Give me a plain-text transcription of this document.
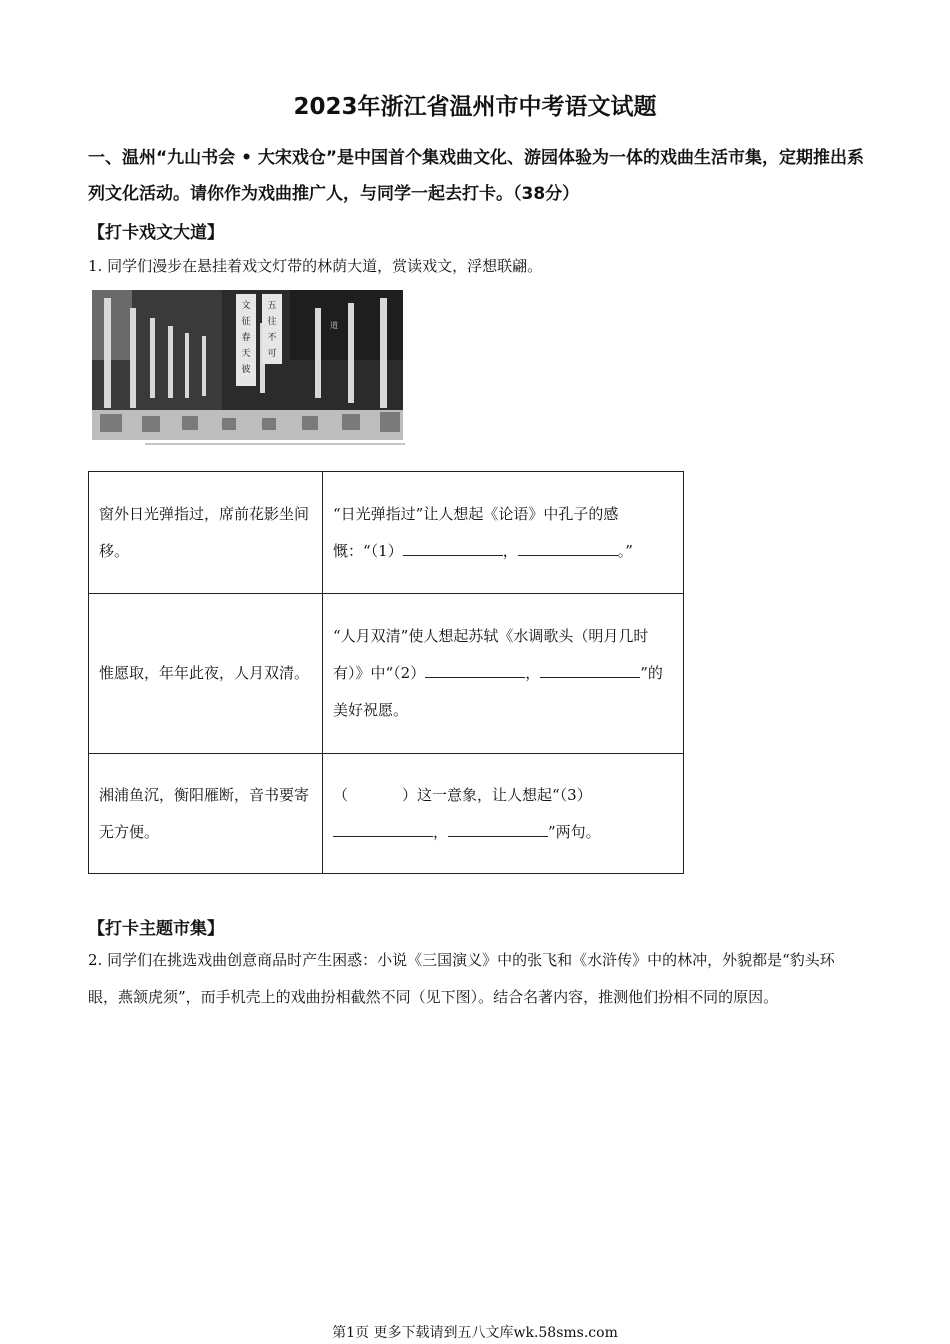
2023年浙江省温州市中考语文试题
一、温州“九山书会 • 大宋戏仓”是中国首个集戏曲文化、游园体验为一体的戏曲生活市集，定期推出系列文化活动。请你作为戏曲推广人，与同学一起去打卡。（38分）
【打卡戏文大道】
1. 同学们漫步在悬挂着戏文灯带的林荫大道，赏读戏文，浮想联翩。
文
征
春
天
彼
五
往
不
可
道
窗外日光弹指过，席前花影坐间移。	“日光弹指过”让人想起《论语》中孔子的感慨：“（1） ， 。”
惟愿取，年年此夜，人月双清。	“人月双清”使人想起苏轼《水调歌头（明月几时有）》中“（2） ， ”的美好祝愿。
湘浦鱼沉，衡阳雁断，音书要寄无方便。	（ ）这一意象，让人想起“（3）， ”两句。
【打卡主题市集】
2. 同学们在挑选戏曲创意商品时产生困惑：小说《三国演义》中的张飞和《水浒传》中的林冲，外貌都是“豹头环眼，燕颔虎须”，而手机壳上的戏曲扮相截然不同（见下图）。结合名著内容，推测他们扮相不同的原因。
第1页 更多下载请到五八文库wk.58sms.com
